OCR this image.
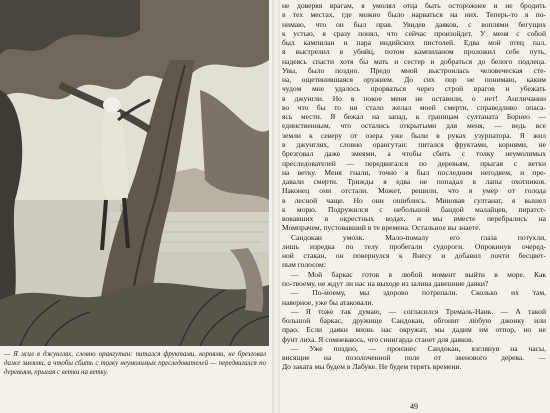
— Я жил в джунглях, словно орангутан: питался фруктами, корнями, не брезговал даже змеями, а чтобы сбить с толку неумолимых преследователей — передвигался по деревьям, прыгая с ветки на ветку.
не доверяя врагам, я умолял отца быть осторожнее и не бродить
в тех местах, где можно было нарваться на них. Теперь-то я по-
нимаю, что он был прав. Увидев даяков, с воплями бегущих
к устью, я сразу понял, что сейчас произойдет. У меня с собой
был кампилан и пара индийских пистолей. Едва мой отец пал,
я выстрелил в убийц, потом кампиланом проложил себе путь,
надеясь спасти хотя бы мать и сестер и добраться до белого подлеца.
Увы, было поздно. Предо мной выстроилась человеческая сте-
на, ощетинившаяся оружием. До сих пор не понимаю, каким
чудом мне удалось прорваться через строй врагов и убежать
в джунгли. Но в покое меня не оставили, о нет! Англичанин
во что бы то ни стало желал моей смерти, справедливо опаса-
ясь мести. Я бежал на запад, к границам султаната Борнео —
единственным, что остались открытыми для меня, — ведь все
земли к северу от озера уже были в руках узурпатора. Я жил
в джунглях, словно орангутан: питался фруктами, корнями, не
брезговал даже змеями, а чтобы сбить с толку неумолимых
преследователей — передвигался по деревьям, прыгая с ветки
на ветку. Меня гнали, точно я был последним негодяем, и пре-
давали смерти. Трижды я едва не попадал в лапы охотников.
Наконец они отстали. Может, решили, что я умер от голода
в лесной чаще. Но они ошиблись. Миновав султанат, я вышел
к морю. Подружился с небольшой бандой малайцев, пиратст-
вовавших в окрестных водах, и мы вместе перебрались на
Момпрачем, пустовавший в те времена. Остальное вы знаете.
Сандокан умолк. Мало-помалу его глаза потухли,
лишь изредка по телу пробегали судороги. Опрокинув очеред-
ной стакан, он повернулся к Янесу и добавил почти бесцвет-
ным голосом:
— Мой баркас готов в любой момент выйти в море. Как
по-твоему, не ждут ли нас на выходе из залива давешние даяки?
— По-моему, мы здорово потрепали. Сколько их там,
наверное, уже бы атаковали.
— Я тоже так думаю, — согласился Тремаль-Наик. — А такой
большой баркас, дружище Сандокан, обгонит любую джонку или
прао. Если даяки вновь нас окружат, мы дадим им отпор, но не
фунт лиха. Я сомневаюсь, что синигарда станет для даяков.
— Уже поздно, — произнес Сандокан, взглянув на часы,
висящие на позолоченной поле от звенового дерева. —
До заката мы будем в Лабуке. Не будем терять времени.
49
